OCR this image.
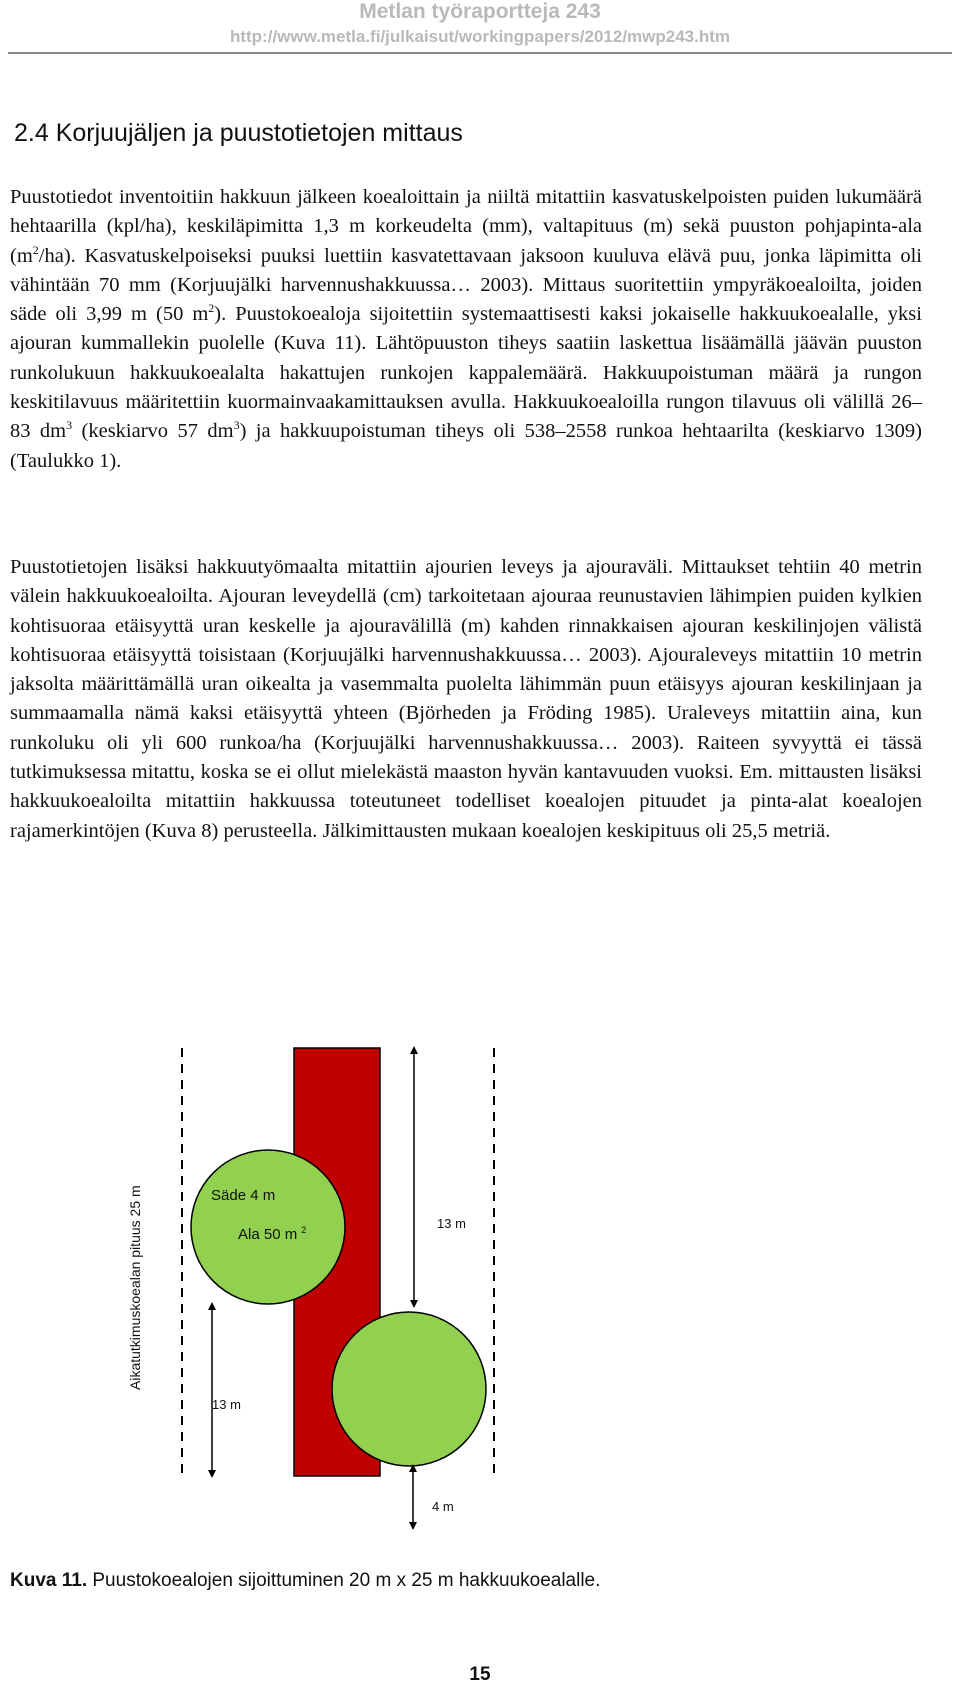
Metlan työraportteja 243
http://www.metla.fi/julkaisut/workingpapers/2012/mwp243.htm
2.4 Korjuujäljen ja puustotietojen mittaus

Puustotiedot inventoitiin hakkuun jälkeen koealoittain ja niiltä mitattiin kasvatuskelpoisten puiden lukumäärä hehtaarilla (kpl/ha), keskiläpimitta 1,3 m korkeudelta (mm), valtapituus (m) sekä puuston pohjapinta-ala $(m^2/ha)$. Kasvatuskelpoiseksi puuksi luettiin kasvatettavaan jaksoon kuuluva elävä puu, jonka läpimitta oli vähintään 70 mm (Korjuujälki harvennushakkuussa… 2003). Mittaus suoritettiin ympyräkoealoilta, joiden säde oli 3,99 m (50 $m^2$). Puustokoealoja sijoitettiin systemaattisesti kaksi jokaiselle hakkuukoealalle, yksi ajouran kummallekin puolelle (Kuva 11). Lähtöpuuston tiheys saatiin laskettua lisäämällä jäävän puuston runkolukuun hakkuukoealalta hakattujen runkojen kappalemäärä. Hakkuupoistuman määrä ja rungon keskitilavuus määritettiin kuormainvaakamittauksen avulla. Hakkuukoealoilla rungon tilavuus oli välillä 26–83 $dm^3$ (keskiarvo 57 $dm^3$) ja hakkuupoistuman tiheys oli 538–2558 runkoa hehtaarilta (keskiarvo 1309) (Taulukko 1).

Puustotietojen lisäksi hakkuutyömaalta mitattiin ajourien leveys ja ajouraväli. Mittaukset tehtiin 40 metrin välein hakkuukoealoilta. Ajouran leveydellä (cm) tarkoitetaan ajouraa reunustavien lähimpien puiden kylkien kohtisuoraa etäisyyttä uran keskelle ja ajouravälillä (m) kahden rinnakkaisen ajouran keskilinjojen välistä kohtisuoraa etäisyyttä toisistaan (Korjuujälki harvennushakkuussa… 2003). Ajouraleveys mitattiin 10 metrin jaksolta määrittämällä uran oikealta ja vasemmalta puolelta lähimmän puun etäisyys ajouran keskilinjaan ja summaamalla nämä kaksi etäisyyttä yhteen (Björheden ja Fröding 1985). Uraleveys mitattiin aina, kun runkoluku oli yli 600 runkoa/ha (Korjuujälki harvennushakkuussa… 2003). Raiteen syvyyttä ei tässä tutkimuksessa mitattu, koska se ei ollut mielekästä maaston hyvän kantavuuden vuoksi. Em. mittausten lisäksi hakkuukoealoilta mitattiin hakkuussa toteutuneet todelliset koealojen pituudet ja pinta-alat koealojen rajamerkintöjen (Kuva 8) perusteella. Jälkimittausten mukaan koealojen keskipituus oli 25,5 metriä.

Säde 4 m
Ala 50 m $^2$	13 m
13 m
4 m
Aikatutkimuskoealan pituus 25 m

Kuva 11. Puustokoealojen sijoittuminen 20 m x 25 m hakkuukoealalle.

15
